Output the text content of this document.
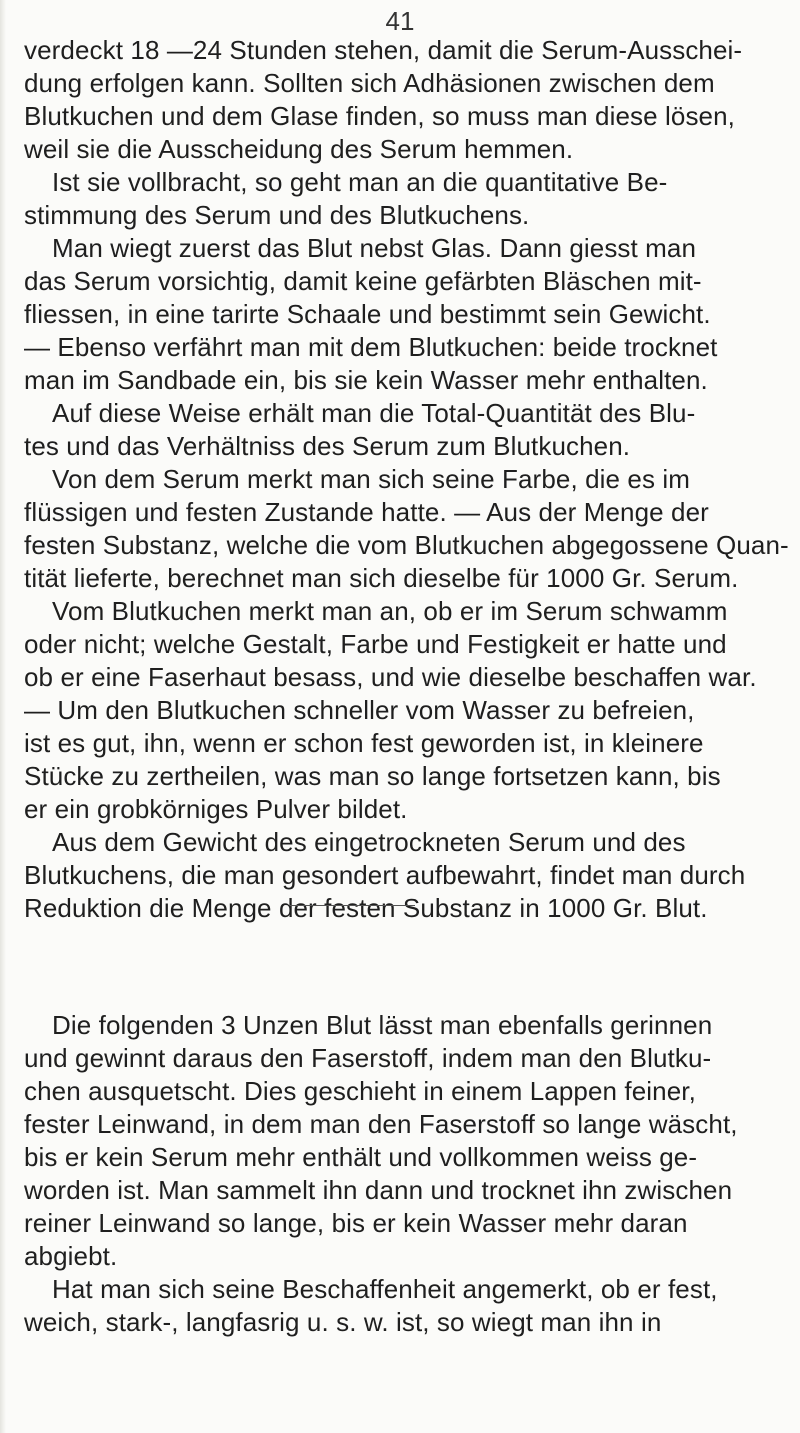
41
verdeckt 18 —24 Stunden stehen, damit die Serum-Ausschei-
dung erfolgen kann. Sollten sich Adhäsionen zwischen dem
Blutkuchen und dem Glase finden, so muss man diese lösen,
weil sie die Ausscheidung des Serum hemmen.
Ist sie vollbracht, so geht man an die quantitative Be-
stimmung des Serum und des Blutkuchens.
Man wiegt zuerst das Blut nebst Glas. Dann giesst man
das Serum vorsichtig, damit keine gefärbten Bläschen mit-
fliessen, in eine tarirte Schaale und bestimmt sein Gewicht.
— Ebenso verfährt man mit dem Blutkuchen: beide trocknet
man im Sandbade ein, bis sie kein Wasser mehr enthalten.
Auf diese Weise erhält man die Total-Quantität des Blu-
tes und das Verhältniss des Serum zum Blutkuchen.
Von dem Serum merkt man sich seine Farbe, die es im
flüssigen und festen Zustande hatte. — Aus der Menge der
festen Substanz, welche die vom Blutkuchen abgegossene Quan-
tität lieferte, berechnet man sich dieselbe für 1000 Gr. Serum.
Vom Blutkuchen merkt man an, ob er im Serum schwamm
oder nicht; welche Gestalt, Farbe und Festigkeit er hatte und
ob er eine Faserhaut besass, und wie dieselbe beschaffen war.
— Um den Blutkuchen schneller vom Wasser zu befreien,
ist es gut, ihn, wenn er schon fest geworden ist, in kleinere
Stücke zu zertheilen, was man so lange fortsetzen kann, bis
er ein grobkörniges Pulver bildet.
Aus dem Gewicht des eingetrockneten Serum und des
Blutkuchens, die man gesondert aufbewahrt, findet man durch
Reduktion die Menge der festen Substanz in 1000 Gr. Blut.
Die folgenden 3 Unzen Blut lässt man ebenfalls gerinnen
und gewinnt daraus den Faserstoff, indem man den Blutku-
chen ausquetscht. Dies geschieht in einem Lappen feiner,
fester Leinwand, in dem man den Faserstoff so lange wäscht,
bis er kein Serum mehr enthält und vollkommen weiss ge-
worden ist. Man sammelt ihn dann und trocknet ihn zwischen
reiner Leinwand so lange, bis er kein Wasser mehr daran
abgiebt.
Hat man sich seine Beschaffenheit angemerkt, ob er fest,
weich, stark-, langfasrig u. s. w. ist, so wiegt man ihn in
